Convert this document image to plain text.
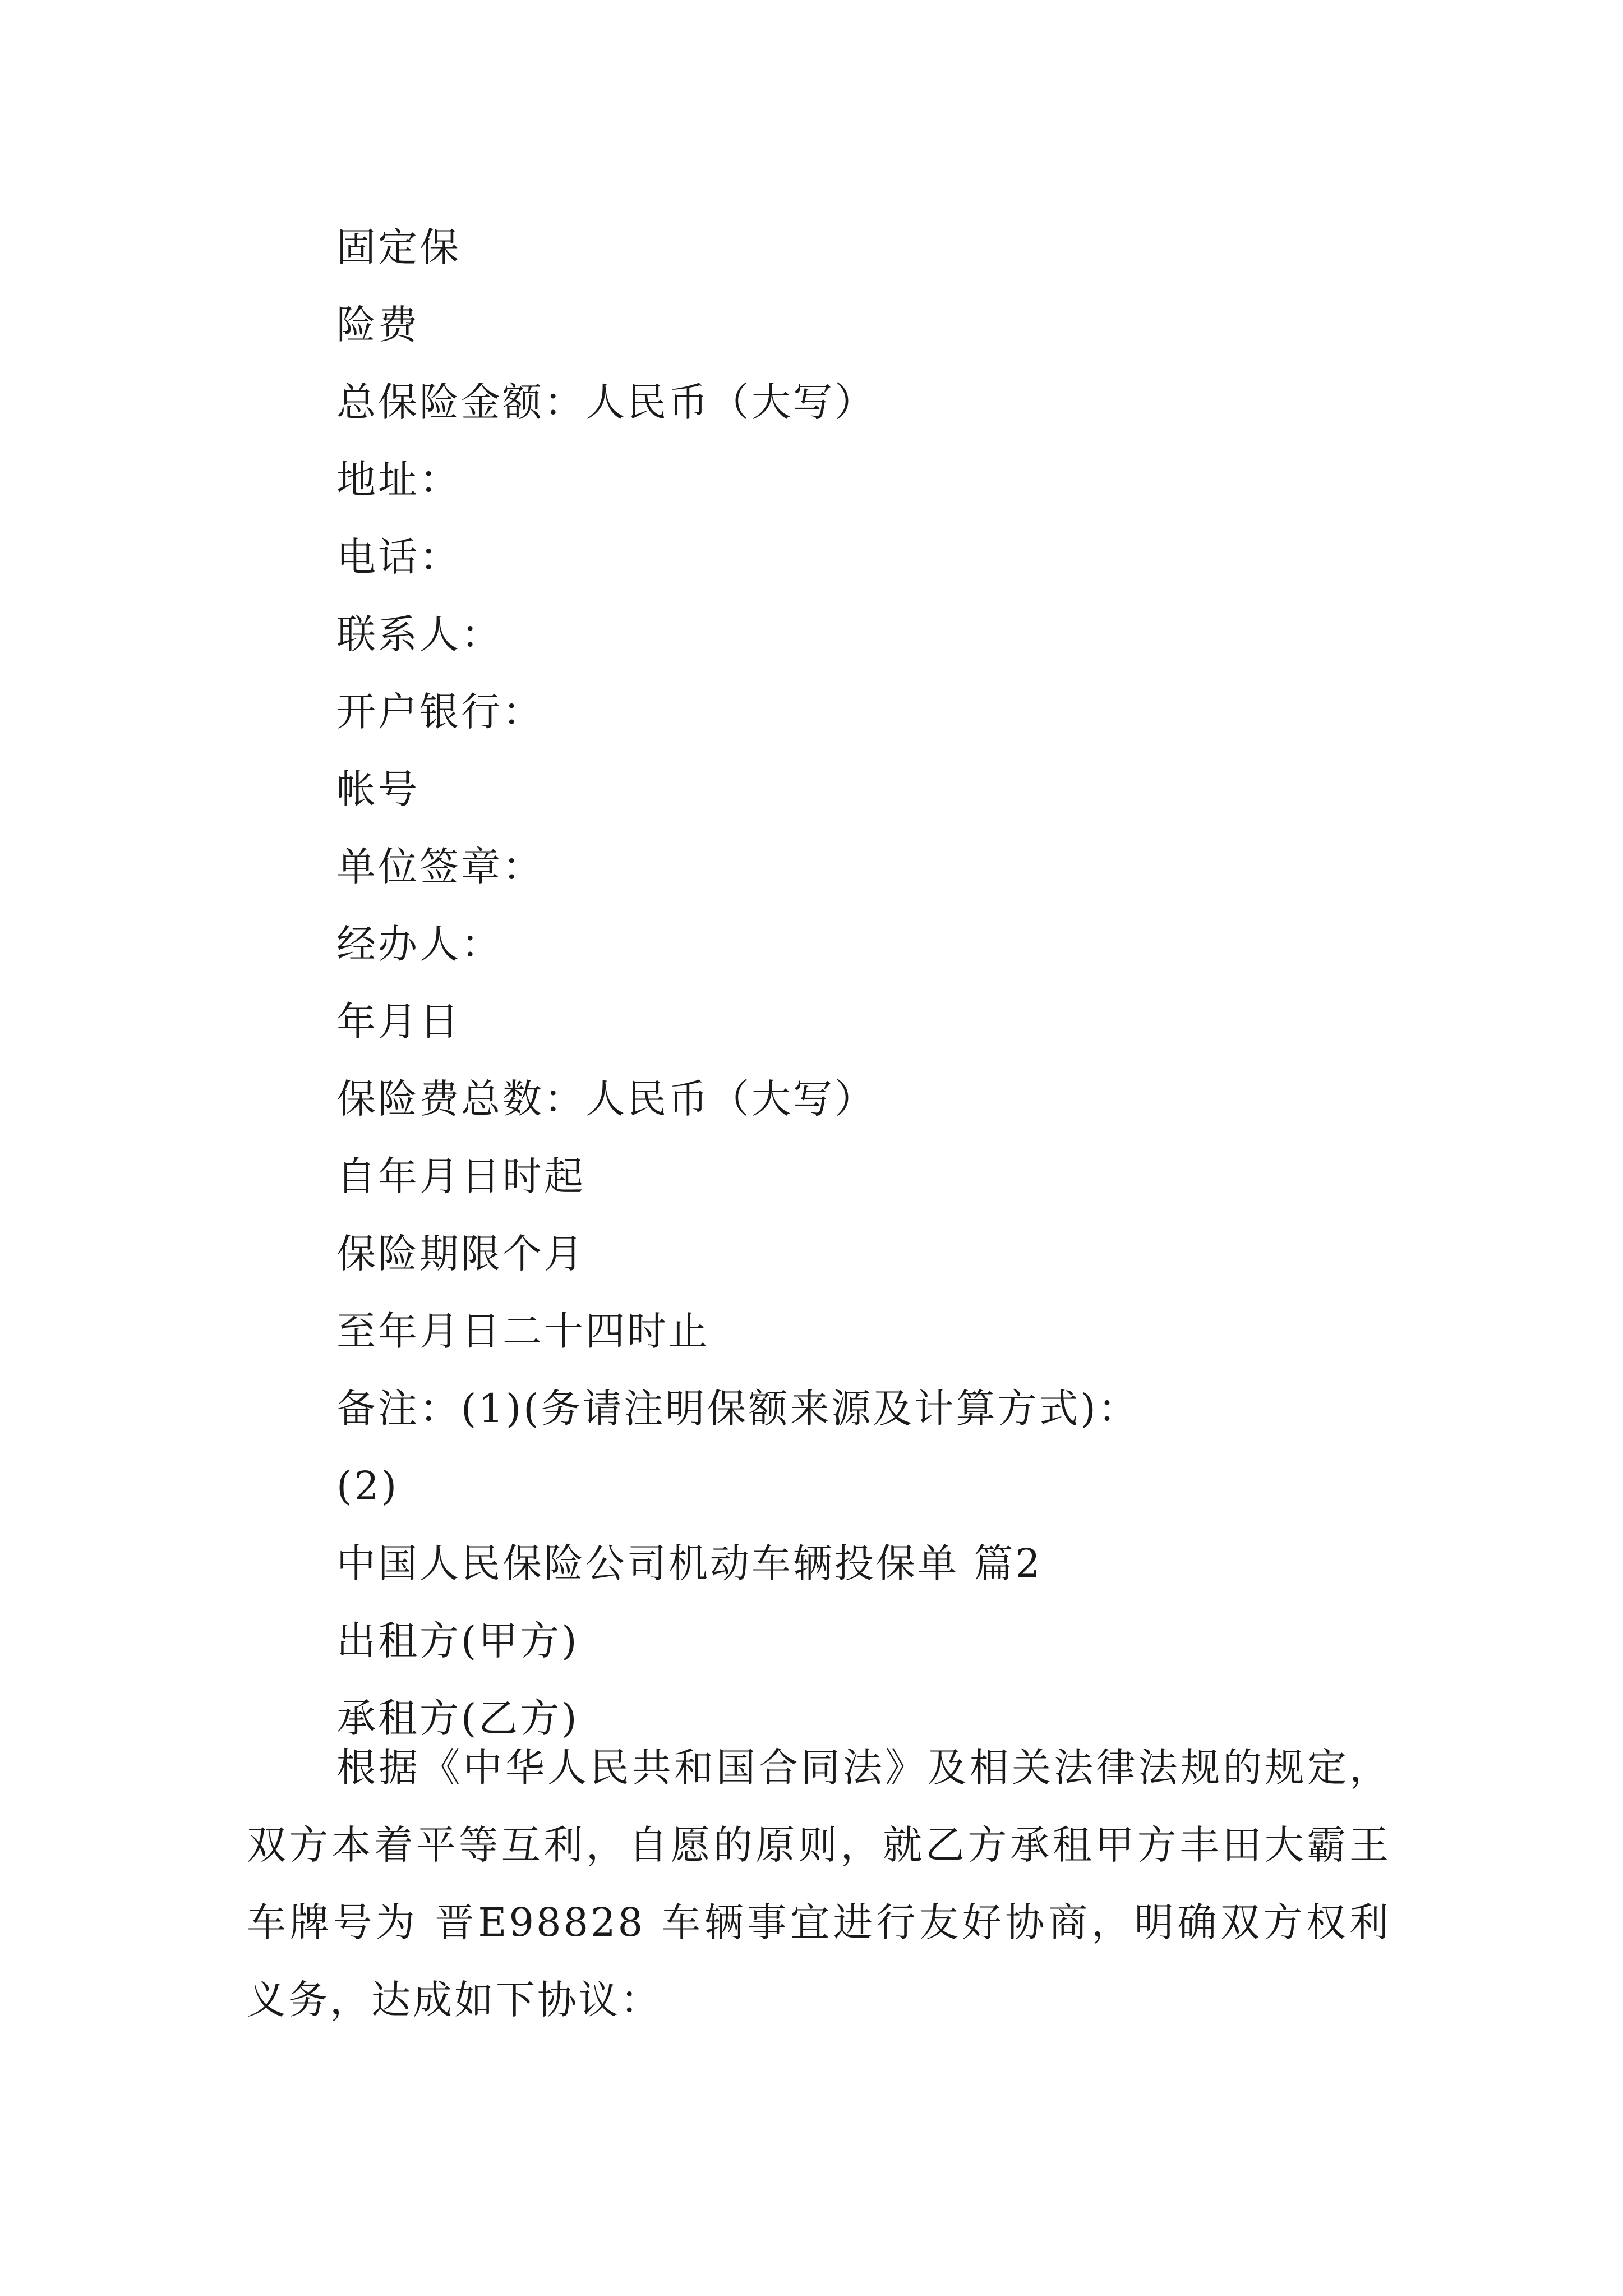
固定保
险费
总保险金额：人民币（大写）
地址：
电话：
联系人：
开户银行：
帐号
单位签章：
经办人：
年月日
保险费总数：人民币（大写）
自年月日时起
保险期限个月
至年月日二十四时止
备注：(1)(务请注明保额来源及计算方式)：
(2)
中国人民保险公司机动车辆投保单 篇2
出租方(甲方)
承租方(乙方)
根据《中华人民共和国合同法》及相关法律法规的规定，双方本着平等互利，自愿的原则，就乙方承租甲方丰田大霸王车牌号为 晋E98828 车辆事宜进行友好协商，明确双方权利义务，达成如下协议：
